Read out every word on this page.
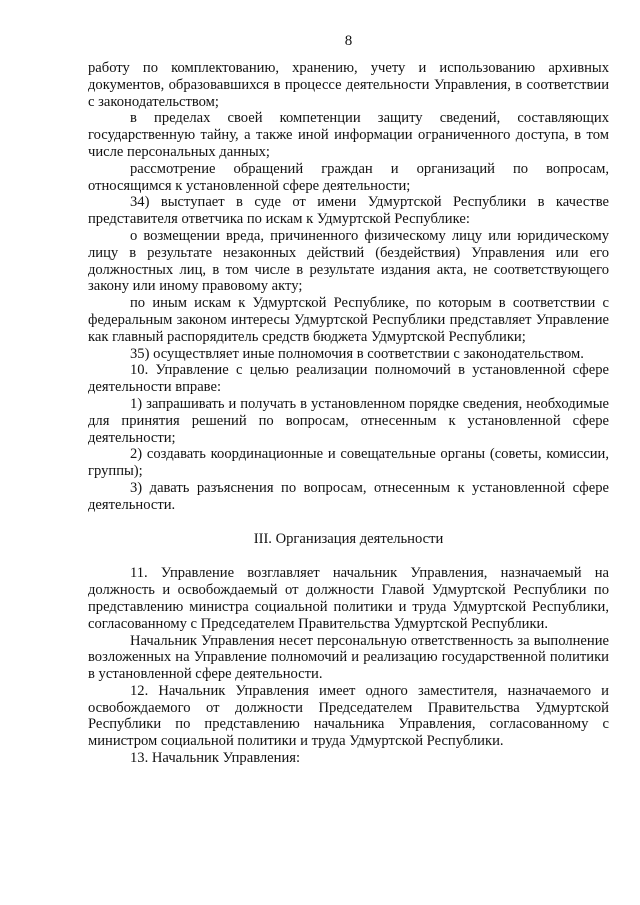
8

работу по комплектованию, хранению, учету и использованию архивных документов, образовавшихся в процессе деятельности Управления, в соответствии с законодательством;

в пределах своей компетенции защиту сведений, составляющих государственную тайну, а также иной информации ограниченного доступа, в том числе персональных данных;

рассмотрение обращений граждан и организаций по вопросам, относящимся к установленной сфере деятельности;

34) выступает в суде от имени Удмуртской Республики в качестве представителя ответчика по искам к Удмуртской Республике:

о возмещении вреда, причиненного физическому лицу или юридическому лицу в результате незаконных действий (бездействия) Управления или его должностных лиц, в том числе в результате издания акта, не соответствующего закону или иному правовому акту;

по иным искам к Удмуртской Республике, по которым в соответствии с федеральным законом интересы Удмуртской Республики представляет Управление как главный распорядитель средств бюджета Удмуртской Республики;

35) осуществляет иные полномочия в соответствии с законодательством.

10. Управление с целью реализации полномочий в установленной сфере деятельности вправе:

1) запрашивать и получать в установленном порядке сведения, необходимые для принятия решений по вопросам, отнесенным к установленной сфере деятельности;

2) создавать координационные и совещательные органы (советы, комиссии, группы);

3) давать разъяснения по вопросам, отнесенным к установленной сфере деятельности.

III. Организация деятельности

11. Управление возглавляет начальник Управления, назначаемый на должность и освобождаемый от должности Главой Удмуртской Республики по представлению министра социальной политики и труда Удмуртской Республики, согласованному с Председателем Правительства Удмуртской Республики.

Начальник Управления несет персональную ответственность за выполнение возложенных на Управление полномочий и реализацию государственной политики в установленной сфере деятельности.

12. Начальник Управления имеет одного заместителя, назначаемого и освобождаемого от должности Председателем Правительства Удмуртской Республики по представлению начальника Управления, согласованному с министром социальной политики и труда Удмуртской Республики.

13. Начальник Управления:
